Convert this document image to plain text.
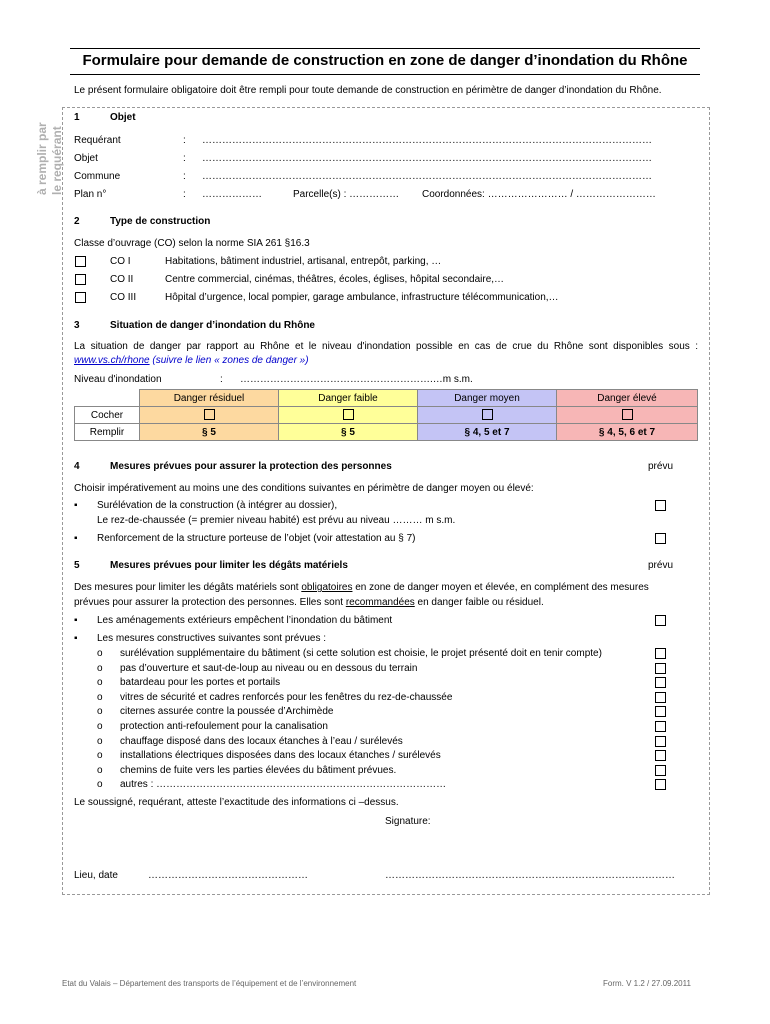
Formulaire pour demande de construction en zone de danger d’inondation du Rhône
Le présent formulaire obligatoire doit être rempli pour toute demande de construction en périmètre de danger d’inondation du Rhône.
à remplir par le requérant
1	Objet
Requérant	: ………………………………………………………………………………………………………………………
Objet	: ………………………………………………………………………………………………………………………
Commune	: ………………………………………………………………………………………………………………………
Plan n°	: ………………	Parcelle(s) : …………… Coordonnées: …………………… / ……………………
2	Type de construction
Classe d’ouvrage (CO) selon la norme SIA 261 §16.3
CO I	Habitations, bâtiment industriel, artisanal, entrepôt, parking, …
CO II	Centre commercial, cinémas, théâtres, écoles, églises, hôpital secondaire,…
CO III	Hôpital d’urgence, local pompier, garage ambulance, infrastructure télécommunication,…
3	Situation de danger d’inondation du Rhône
La situation de danger par rapport au Rhône et le niveau d'inondation possible en cas de crue du Rhône sont disponibles sous :
www.vs.ch/rhone (suivre le lien « zones de danger »)
Niveau d'inondation	: ………………………………………………….…m s.m.
	Danger résiduel	Danger faible	Danger moyen	Danger élevé
Cocher				
Remplir	§ 5	§ 5	§ 4, 5 et 7	§ 4, 5, 6 et 7
4	Mesures prévues pour assurer la protection des personnes	prévu
Choisir impérativement au moins une des conditions suivantes en périmètre de danger moyen ou élevé:
▪ Surélévation de la construction (à intégrer au dossier),
Le rez-de-chaussée (= premier niveau habité) est prévu au niveau ……… m s.m.
▪ Renforcement de la structure porteuse de l’objet (voir attestation au § 7)
5	Mesures prévues pour limiter les dégâts matériels	prévu
Des mesures pour limiter les dégâts matériels sont obligatoires en zone de danger moyen et élevée, en complément des mesures
prévues pour assurer la protection des personnes. Elles sont recommandées en danger faible ou résiduel.
▪ Les aménagements extérieurs empêchent l’inondation du bâtiment
▪ Les mesures constructives suivantes sont prévues :
o surélévation supplémentaire du bâtiment (si cette solution est choisie, le projet présenté doit en tenir compte)
o pas d’ouverture et saut-de-loup au niveau ou en dessous du terrain
o batardeau pour les portes et portails
o vitres de sécurité et cadres renforcés pour les fenêtres du rez-de-chaussée
o citernes assurée contre la poussée d’Archimède
o protection anti-refoulement pour la canalisation
o chauffage disposé dans des locaux étanches à l’eau / surélevés
o installations électriques disposées dans des locaux étanches / surélevés
o chemins de fuite vers les parties élevées du bâtiment prévues.
o autres : ……………………………………………………………………………
Le soussigné, requérant, atteste l’exactitude des informations ci –dessus.
Signature:
Lieu, date	…………………………………………	……………………………………………………………………………
Etat du Valais – Département des transports de l’équipement et de l’environnement	Form. V 1.2 / 27.09.2011
